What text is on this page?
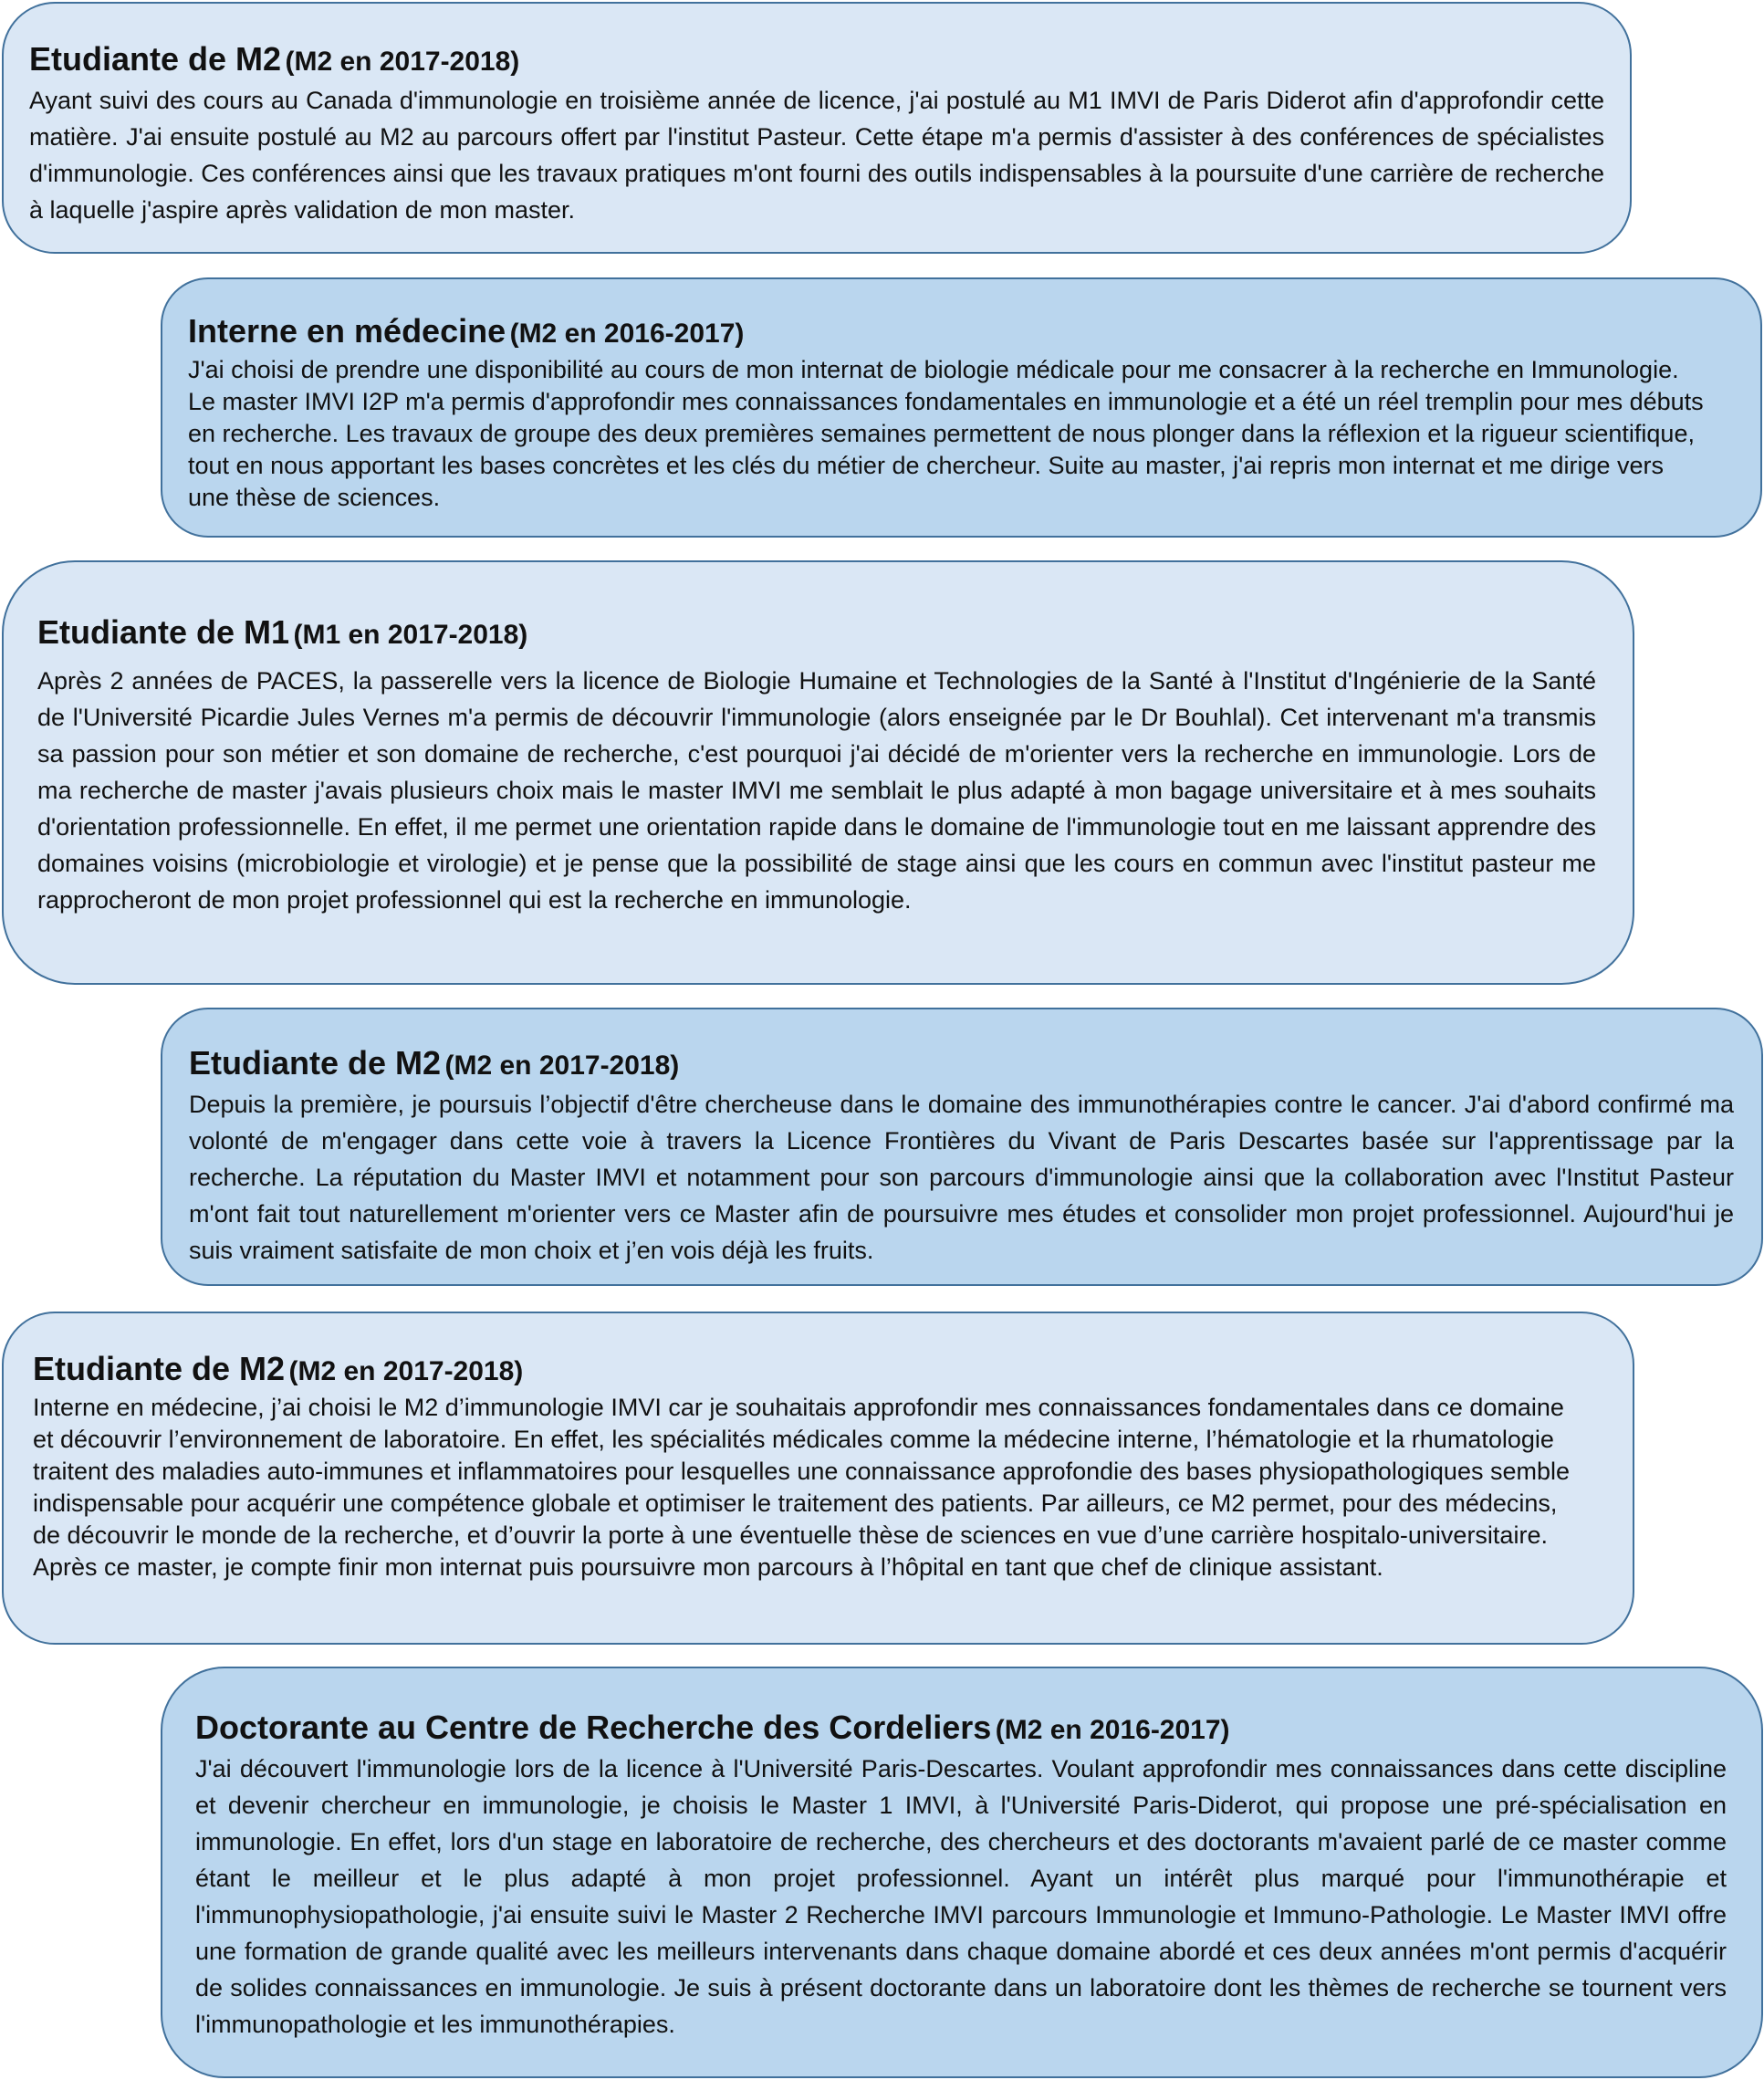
Etudiante de M2 (M2 en 2017-2018)

Ayant suivi des cours au Canada d'immunologie en troisième année de licence, j'ai postulé au M1 IMVI de Paris Diderot afin d'approfondir cette matière. J'ai ensuite postulé au M2 au parcours offert par l'institut Pasteur. Cette étape m'a permis d'assister à des conférences de spécialistes d'immunologie. Ces conférences ainsi que les travaux pratiques m'ont fourni des outils indispensables à la poursuite d'une carrière de recherche à laquelle j'aspire après validation de mon master.

Interne en médecine (M2 en 2016-2017)

J'ai choisi de prendre une disponibilité au cours de mon internat de biologie médicale pour me consacrer à la recherche en Immunologie. Le master IMVI I2P m'a permis d'approfondir mes connaissances fondamentales en immunologie et a été un réel tremplin pour mes débuts en recherche. Les travaux de groupe des deux premières semaines permettent de nous plonger dans la réflexion et la rigueur scientifique, tout en nous apportant les bases concrètes et les clés du métier de chercheur. Suite au master, j'ai repris mon internat et me dirige vers une thèse de sciences.

Etudiante de M1 (M1 en 2017-2018)

Après 2 années de PACES, la passerelle vers la licence de Biologie Humaine et Technologies de la Santé à l'Institut d'Ingénierie de la Santé de l'Université Picardie Jules Vernes m'a permis de découvrir l'immunologie (alors enseignée par le Dr Bouhlal). Cet intervenant m'a transmis sa passion pour son métier et son domaine de recherche, c'est pourquoi j'ai décidé de m'orienter vers la recherche en immunologie. Lors de ma recherche de master j'avais plusieurs choix mais le master IMVI me semblait le plus adapté à mon bagage universitaire et à mes souhaits d'orientation professionnelle. En effet, il me permet une orientation rapide dans le domaine de l'immunologie tout en me laissant apprendre des domaines voisins (microbiologie et virologie) et je pense que la possibilité de stage ainsi que les cours en commun avec l'institut pasteur me rapprocheront de mon projet professionnel qui est la recherche en immunologie.

Etudiante de M2 (M2 en 2017-2018)

Depuis la première, je poursuis l’objectif d'être chercheuse dans le domaine des immunothérapies contre le cancer. J'ai d'abord confirmé ma volonté de m'engager dans cette voie à travers la Licence Frontières du Vivant de Paris Descartes basée sur l'apprentissage par la recherche. La réputation du Master IMVI et notamment pour son parcours d'immunologie ainsi que la collaboration avec l'Institut Pasteur m'ont fait tout naturellement m'orienter vers ce Master afin de poursuivre mes études et consolider mon projet professionnel. Aujourd'hui je suis vraiment satisfaite de mon choix et j’en vois déjà les fruits.

Etudiante de M2 (M2 en 2017-2018)

Interne en médecine, j’ai choisi le M2 d’immunologie IMVI car je souhaitais approfondir mes connaissances fondamentales dans ce domaine et découvrir l’environnement de laboratoire. En effet, les spécialités médicales comme la médecine interne, l’hématologie et la rhumatologie traitent des maladies auto-immunes et inflammatoires pour lesquelles une connaissance approfondie des bases physiopathologiques semble indispensable pour acquérir une compétence globale et optimiser le traitement des patients. Par ailleurs, ce M2 permet, pour des médecins, de découvrir le monde de la recherche, et d’ouvrir la porte à une éventuelle thèse de sciences en vue d’une carrière hospitalo-universitaire. Après ce master, je compte finir mon internat puis poursuivre mon parcours à l’hôpital en tant que chef de clinique assistant.

Doctorante au Centre de Recherche des Cordeliers (M2 en 2016-2017)

J'ai découvert l'immunologie lors de la licence à l'Université Paris-Descartes. Voulant approfondir mes connaissances dans cette discipline et devenir chercheur en immunologie, je choisis le Master 1 IMVI, à l'Université Paris-Diderot, qui propose une pré-spécialisation en immunologie. En effet, lors d'un stage en laboratoire de recherche, des chercheurs et des doctorants m'avaient parlé de ce master comme étant le meilleur et le plus adapté à mon projet professionnel. Ayant un intérêt plus marqué pour l'immunothérapie et l'immunophysiopathologie, j'ai ensuite suivi le Master 2 Recherche IMVI parcours Immunologie et Immuno-Pathologie. Le Master IMVI offre une formation de grande qualité avec les meilleurs intervenants dans chaque domaine abordé et ces deux années m'ont permis d'acquérir de solides connaissances en immunologie. Je suis à présent doctorante dans un laboratoire dont les thèmes de recherche se tournent vers l'immunopathologie et les immunothérapies.
